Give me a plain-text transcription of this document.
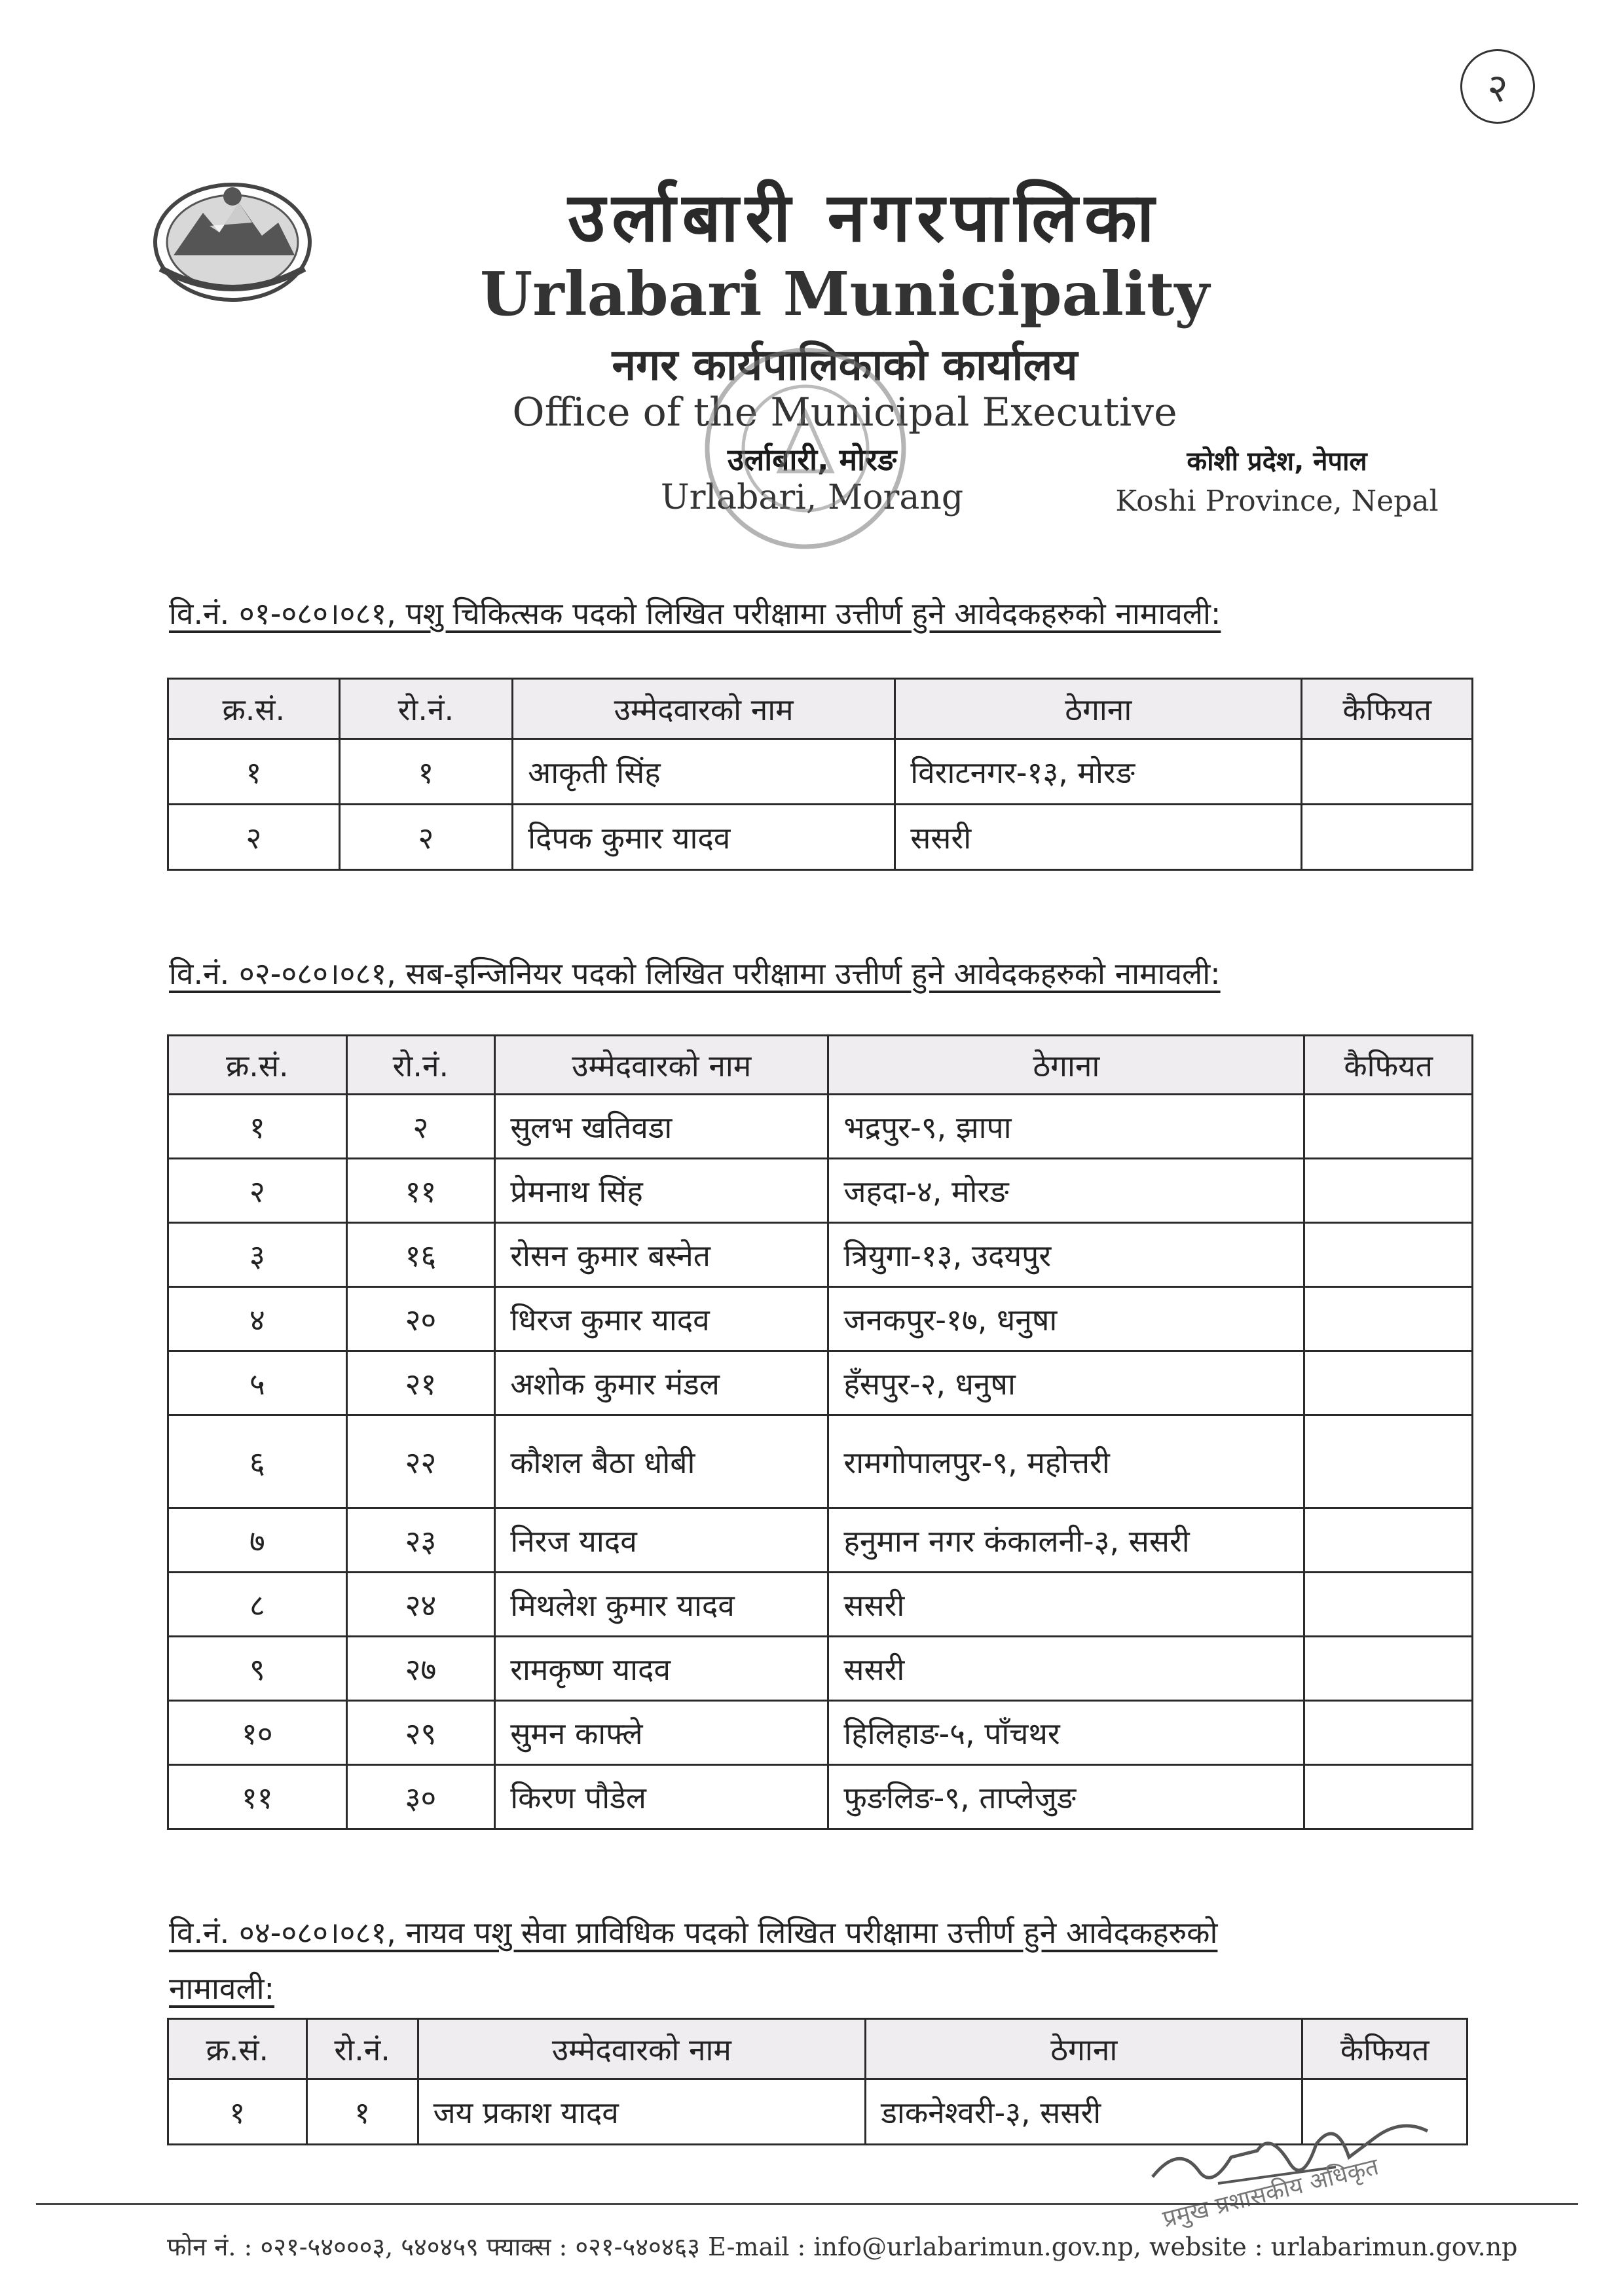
२
उर्लाबारी नगरपालिका
Urlabari Municipality
नगर कार्यपालिकाको कार्यालय
Office of the Municipal Executive
उर्लाबारी, मोरङ
Urlabari, Morang
कोशी प्रदेश, नेपाल
Koshi Province, Nepal
वि.नं. ०१-०८०।०८१, पशु चिकित्सक पदको लिखित परीक्षामा उत्तीर्ण हुने आवेदकहरुको नामावली:
क्र.सं.	रो.नं.	उम्मेदवारको नाम	ठेगाना	कैफियत
१	१	आकृती सिंह	विराटनगर-१३, मोरङ	
२	२	दिपक कुमार यादव	ससरी	
वि.नं. ०२-०८०।०८१, सब-इन्जिनियर पदको लिखित परीक्षामा उत्तीर्ण हुने आवेदकहरुको नामावली:
क्र.सं.	रो.नं.	उम्मेदवारको नाम	ठेगाना	कैफियत
१	२	सुलभ खतिवडा	भद्रपुर-९, झापा	
२	११	प्रेमनाथ सिंह	जहदा-४, मोरङ	
३	१६	रोसन कुमार बस्नेत	त्रियुगा-१३, उदयपुर	
४	२०	धिरज कुमार यादव	जनकपुर-१७, धनुषा	
५	२१	अशोक कुमार मंडल	हँसपुर-२, धनुषा	
६	२२	कौशल बैठा धोबी	रामगोपालपुर-९, महोत्तरी	
७	२३	निरज यादव	हनुमान नगर कंकालनी-३, ससरी	
८	२४	मिथलेश कुमार यादव	ससरी	
९	२७	रामकृष्ण यादव	ससरी	
१०	२९	सुमन काफ्ले	हिलिहाङ-५, पाँचथर	
११	३०	किरण पौडेल	फुङलिङ-९, ताप्लेजुङ	
वि.नं. ०४-०८०।०८१, नायव पशु सेवा प्राविधिक पदको लिखित परीक्षामा उत्तीर्ण हुने आवेदकहरुको
नामावली:
क्र.सं.	रो.नं.	उम्मेदवारको नाम	ठेगाना	कैफियत
१	१	जय प्रकाश यादव	डाकनेश्वरी-३, ससरी	
प्रमुख प्रशासकीय अधिकृत
फोन नं. : ०२१-५४०००३, ५४०४५९ फ्याक्स : ०२१-५४०४६३ E-mail : info@urlabarimun.gov.np, website : urlabarimun.gov.np
